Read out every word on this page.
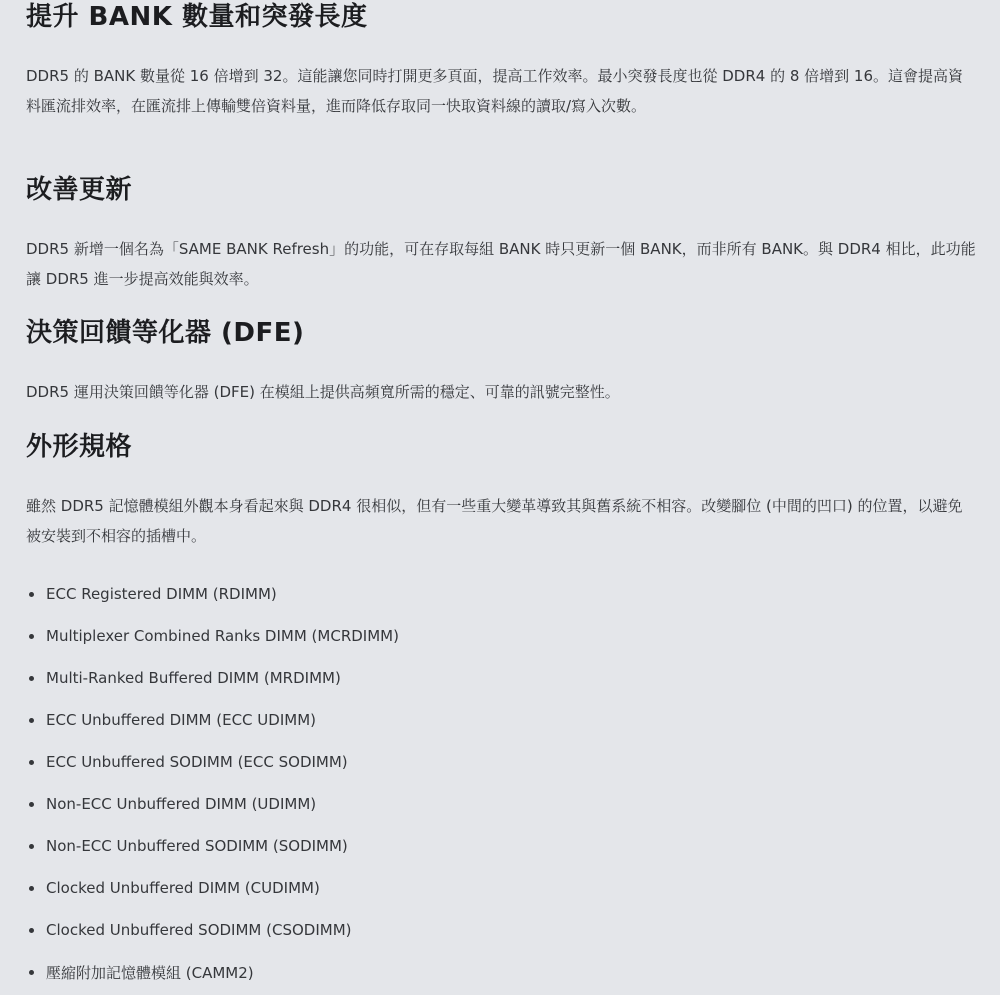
提升 BANK 數量和突發長度

DDR5 的 BANK 數量從 16 倍增到 32。這能讓您同時打開更多頁面，提高工作效率。最小突發長度也從 DDR4 的 8 倍增到 16。這會提高資料匯流排效率，在匯流排上傳輸雙倍資料量，進而降低存取同一快取資料線的讀取/寫入次數。

改善更新

DDR5 新增一個名為「SAME BANK Refresh」的功能，可在存取每組 BANK 時只更新一個 BANK，而非所有 BANK。與 DDR4 相比，此功能讓 DDR5 進一步提高效能與效率。

決策回饋等化器 (DFE)

DDR5 運用決策回饋等化器 (DFE) 在模組上提供高頻寬所需的穩定、可靠的訊號完整性。

外形規格

雖然 DDR5 記憶體模組外觀本身看起來與 DDR4 很相似，但有一些重大變革導致其與舊系統不相容。改變腳位 (中間的凹口) 的位置，以避免被安裝到不相容的插槽中。

ECC Registered DIMM (RDIMM)
Multiplexer Combined Ranks DIMM (MCRDIMM)
Multi-Ranked Buffered DIMM (MRDIMM)
ECC Unbuffered DIMM (ECC UDIMM)
ECC Unbuffered SODIMM (ECC SODIMM)
Non-ECC Unbuffered DIMM (UDIMM)
Non-ECC Unbuffered SODIMM (SODIMM)
Clocked Unbuffered DIMM (CUDIMM)
Clocked Unbuffered SODIMM (CSODIMM)
壓縮附加記憶體模組 (CAMM2)
